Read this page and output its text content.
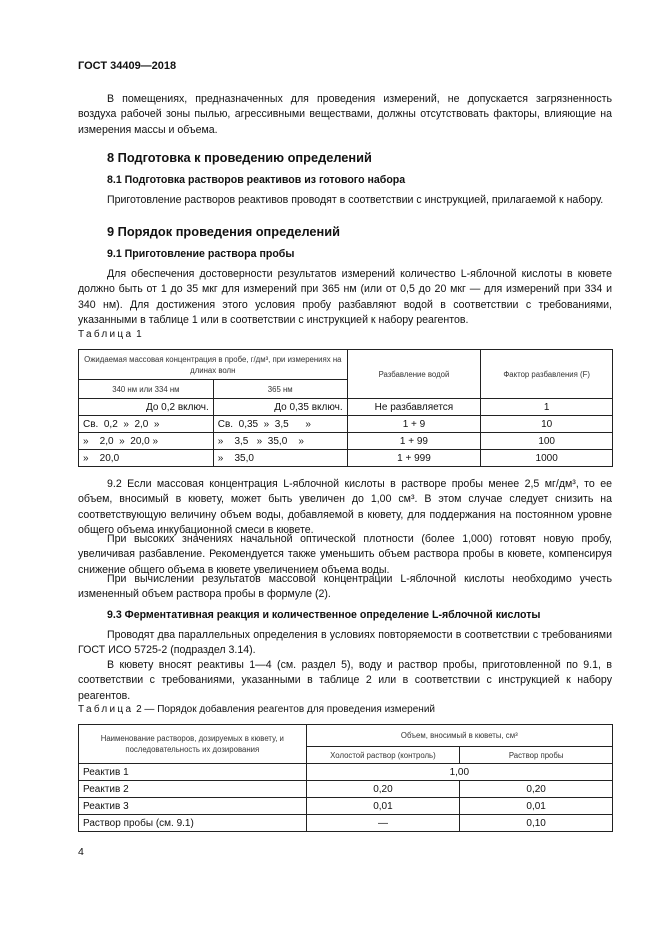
ГОСТ 34409—2018

В помещениях, предназначенных для проведения измерений, не допускается загрязненность воздуха рабочей зоны пылью, агрессивными веществами, должны отсутствовать факторы, влияющие на измерения массы и объема.

8 Подготовка к проведению определений

8.1 Подготовка растворов реактивов из готового набора

Приготовление растворов реактивов проводят в соответствии с инструкцией, прилагаемой к набору.

9 Порядок проведения определений

9.1 Приготовление раствора пробы

Для обеспечения достоверности результатов измерений количество L-яблочной кислоты в кювете должно быть от 1 до 35 мкг для измерений при 365 нм (или от 0,5 до 20 мкг — для измерений при 334 и 340 нм). Для достижения этого условия пробу разбавляют водой в соответствии с требованиями, указанными в таблице 1 или в соответствии с инструкцией к набору реагентов.

Таблица 1

Ожидаемая массовая концентрация в пробе, г/дм³, при измерениях на длинах волн		Разбавление водой	Фактор разбавления (F)
340 нм или 334 нм	365 нм		
До 0,2 включ.	До 0,35 включ.	Не разбавляется	1
Св.  0,2  »  2,0  »	Св.  0,35  »  3,5      »	1 + 9	10
»    2,0  »  20,0 »	»    3,5   »  35,0    »	1 + 99	100
»    20,0	»    35,0	1 + 999	1000

9.2 Если массовая концентрация L-яблочной кислоты в растворе пробы менее 2,5 мг/дм³, то ее объем, вносимый в кювету, может быть увеличен до 1,00 см³. В этом случае следует снизить на соответствующую величину объем воды, добавляемой в кювету, для поддержания на постоянном уровне общего объема инкубационной смеси в кювете.

При высоких значениях начальной оптической плотности (более 1,000) готовят новую пробу, увеличивая разбавление. Рекомендуется также уменьшить объем раствора пробы в кювете, компенсируя снижение общего объема в кювете увеличением объема воды.

При вычислении результатов массовой концентрации L-яблочной кислоты необходимо учесть измененный объем раствора пробы в формуле (2).

9.3 Ферментативная реакция и количественное определение L-яблочной кислоты

Проводят два параллельных определения в условиях повторяемости в соответствии с требованиями ГОСТ ИСО 5725-2 (подраздел 3.14).

В кювету вносят реактивы 1—4 (см. раздел 5), воду и раствор пробы, приготовленной по 9.1, в соответствии с требованиями, указанными в таблице 2 или в соответствии с инструкцией к набору реагентов.

Таблица 2 — Порядок добавления реагентов для проведения измерений

Наименование растворов, дозируемых в кювету, и последовательность их дозирования	Объем, вносимый в кюветы, см³	
	Холостой раствор (контроль)	Раствор пробы
Реактив 1	1,00	
Реактив 2	0,20	0,20
Реактив 3	0,01	0,01
Раствор пробы (см. 9.1)	—	0,10
4
